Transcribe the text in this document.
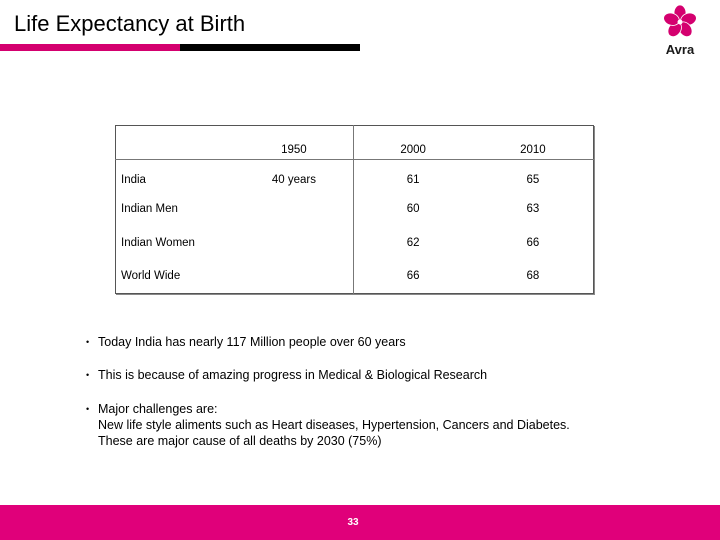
Life Expectancy at Birth
Avra
	1950	2000	2010
India	40 years	61	65
Indian Men		60	63
Indian Women		62	66
World Wide		66	68
• Today India has nearly 117 Million people over 60 years
• This is because of amazing progress in Medical & Biological Research
• Major challenges are:
New life style aliments such as Heart diseases, Hypertension, Cancers and Diabetes.
These are major cause of all deaths by 2030 (75%)
33
